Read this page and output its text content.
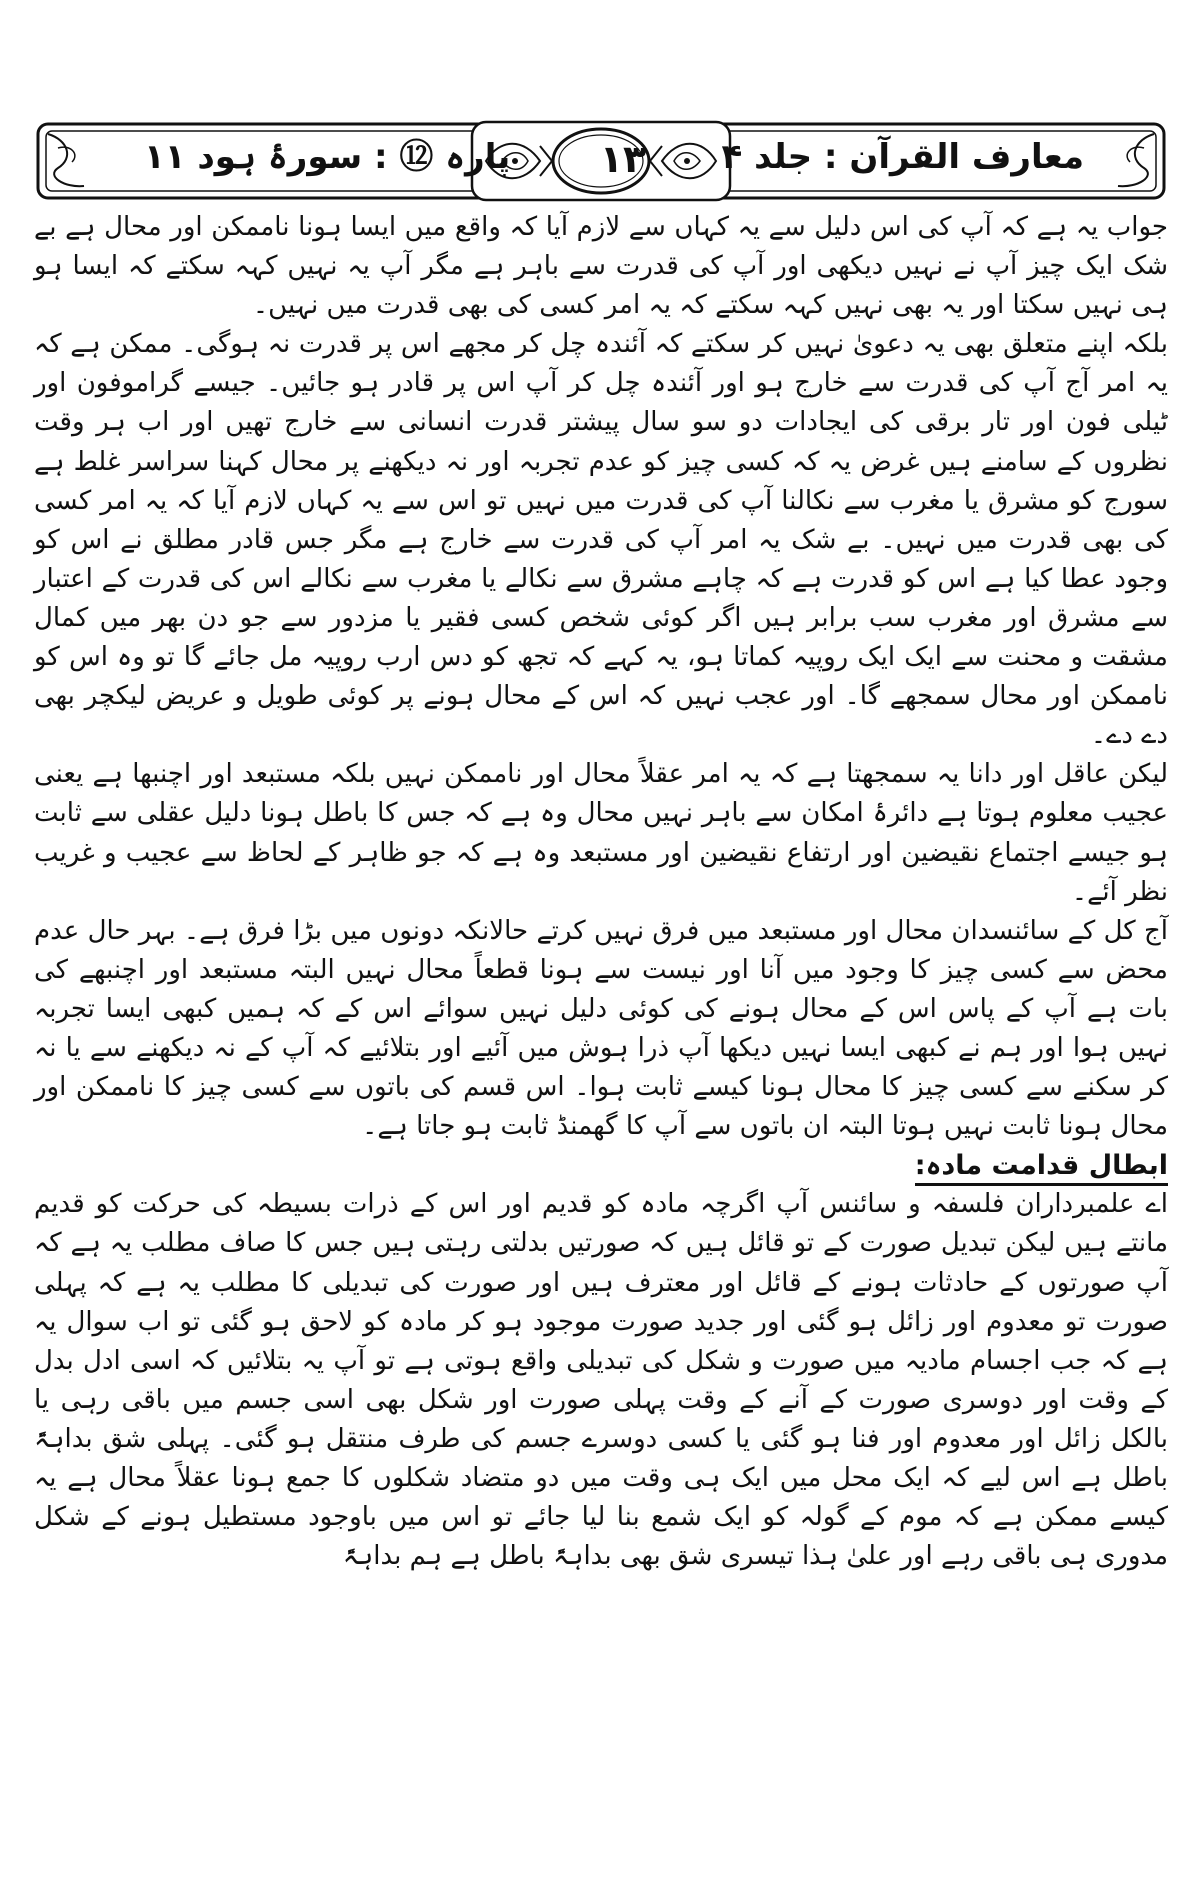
معارف القرآن : جلد ۴
۱۳
پارہ ⑫ : سورۂ ہود ۱۱

جواب یہ ہے کہ آپ کی اس دلیل سے یہ کہاں سے لازم آیا کہ واقع میں ایسا ہونا ناممکن اور محال ہے بے شک ایک چیز آپ نے نہیں دیکھی اور آپ کی قدرت سے باہر ہے مگر آپ یہ نہیں کہہ سکتے کہ ایسا ہو ہی نہیں سکتا اور یہ بھی نہیں کہہ سکتے کہ یہ امر کسی کی بھی قدرت میں نہیں۔

بلکہ اپنے متعلق بھی یہ دعویٰ نہیں کر سکتے کہ آئندہ چل کر مجھے اس پر قدرت نہ ہوگی۔ ممکن ہے کہ یہ امر آج آپ کی قدرت سے خارج ہو اور آئندہ چل کر آپ اس پر قادر ہو جائیں۔ جیسے گراموفون اور ٹیلی فون اور تار برقی کی ایجادات دو سو سال پیشتر قدرت انسانی سے خارج تھیں اور اب ہر وقت نظروں کے سامنے ہیں غرض یہ کہ کسی چیز کو عدم تجربہ اور نہ دیکھنے پر محال کہنا سراسر غلط ہے سورج کو مشرق یا مغرب سے نکالنا آپ کی قدرت میں نہیں تو اس سے یہ کہاں لازم آیا کہ یہ امر کسی کی بھی قدرت میں نہیں۔ بے شک یہ امر آپ کی قدرت سے خارج ہے مگر جس قادر مطلق نے اس کو وجود عطا کیا ہے اس کو قدرت ہے کہ چاہے مشرق سے نکالے یا مغرب سے نکالے اس کی قدرت کے اعتبار سے مشرق اور مغرب سب برابر ہیں اگر کوئی شخص کسی فقیر یا مزدور سے جو دن بھر میں کمال مشقت و محنت سے ایک ایک روپیہ کماتا ہو، یہ کہے کہ تجھ کو دس ارب روپیہ مل جائے گا تو وہ اس کو ناممکن اور محال سمجھے گا۔ اور عجب نہیں کہ اس کے محال ہونے پر کوئی طویل و عریض لیکچر بھی دے دے۔

لیکن عاقل اور دانا یہ سمجھتا ہے کہ یہ امر عقلاً محال اور ناممکن نہیں بلکہ مستبعد اور اچنبھا ہے یعنی عجیب معلوم ہوتا ہے دائرۂ امکان سے باہر نہیں محال وہ ہے کہ جس کا باطل ہونا دلیل عقلی سے ثابت ہو جیسے اجتماع نقیضین اور ارتفاع نقیضین اور مستبعد وہ ہے کہ جو ظاہر کے لحاظ سے عجیب و غریب نظر آئے۔

آج کل کے سائنسدان محال اور مستبعد میں فرق نہیں کرتے حالانکہ دونوں میں بڑا فرق ہے۔ بہر حال عدم محض سے کسی چیز کا وجود میں آنا اور نیست سے ہونا قطعاً محال نہیں البتہ مستبعد اور اچنبھے کی بات ہے آپ کے پاس اس کے محال ہونے کی کوئی دلیل نہیں سوائے اس کے کہ ہمیں کبھی ایسا تجربہ نہیں ہوا اور ہم نے کبھی ایسا نہیں دیکھا آپ ذرا ہوش میں آئیے اور بتلائیے کہ آپ کے نہ دیکھنے سے یا نہ کر سکنے سے کسی چیز کا محال ہونا کیسے ثابت ہوا۔ اس قسم کی باتوں سے کسی چیز کا ناممکن اور محال ہونا ثابت نہیں ہوتا البتہ ان باتوں سے آپ کا گھمنڈ ثابت ہو جاتا ہے۔

ابطال قدامت مادہ:

اے علمبرداران فلسفہ و سائنس آپ اگرچہ مادہ کو قدیم اور اس کے ذرات بسیطہ کی حرکت کو قدیم مانتے ہیں لیکن تبدیل صورت کے تو قائل ہیں کہ صورتیں بدلتی رہتی ہیں جس کا صاف مطلب یہ ہے کہ آپ صورتوں کے حادثات ہونے کے قائل اور معترف ہیں اور صورت کی تبدیلی کا مطلب یہ ہے کہ پہلی صورت تو معدوم اور زائل ہو گئی اور جدید صورت موجود ہو کر مادہ کو لاحق ہو گئی تو اب سوال یہ ہے کہ جب اجسام مادیہ میں صورت و شکل کی تبدیلی واقع ہوتی ہے تو آپ یہ بتلائیں کہ اسی ادل بدل کے وقت اور دوسری صورت کے آنے کے وقت پہلی صورت اور شکل بھی اسی جسم میں باقی رہی یا بالکل زائل اور معدوم اور فنا ہو گئی یا کسی دوسرے جسم کی طرف منتقل ہو گئی۔ پہلی شق بداہۃً باطل ہے اس لیے کہ ایک محل میں ایک ہی وقت میں دو متضاد شکلوں کا جمع ہونا عقلاً محال ہے یہ کیسے ممکن ہے کہ موم کے گولہ کو ایک شمع بنا لیا جائے تو اس میں باوجود مستطیل ہونے کے شکل مدوری ہی باقی رہے اور علیٰ ہذا تیسری شق بھی بداہۃً باطل ہے ہم بداہۃً
